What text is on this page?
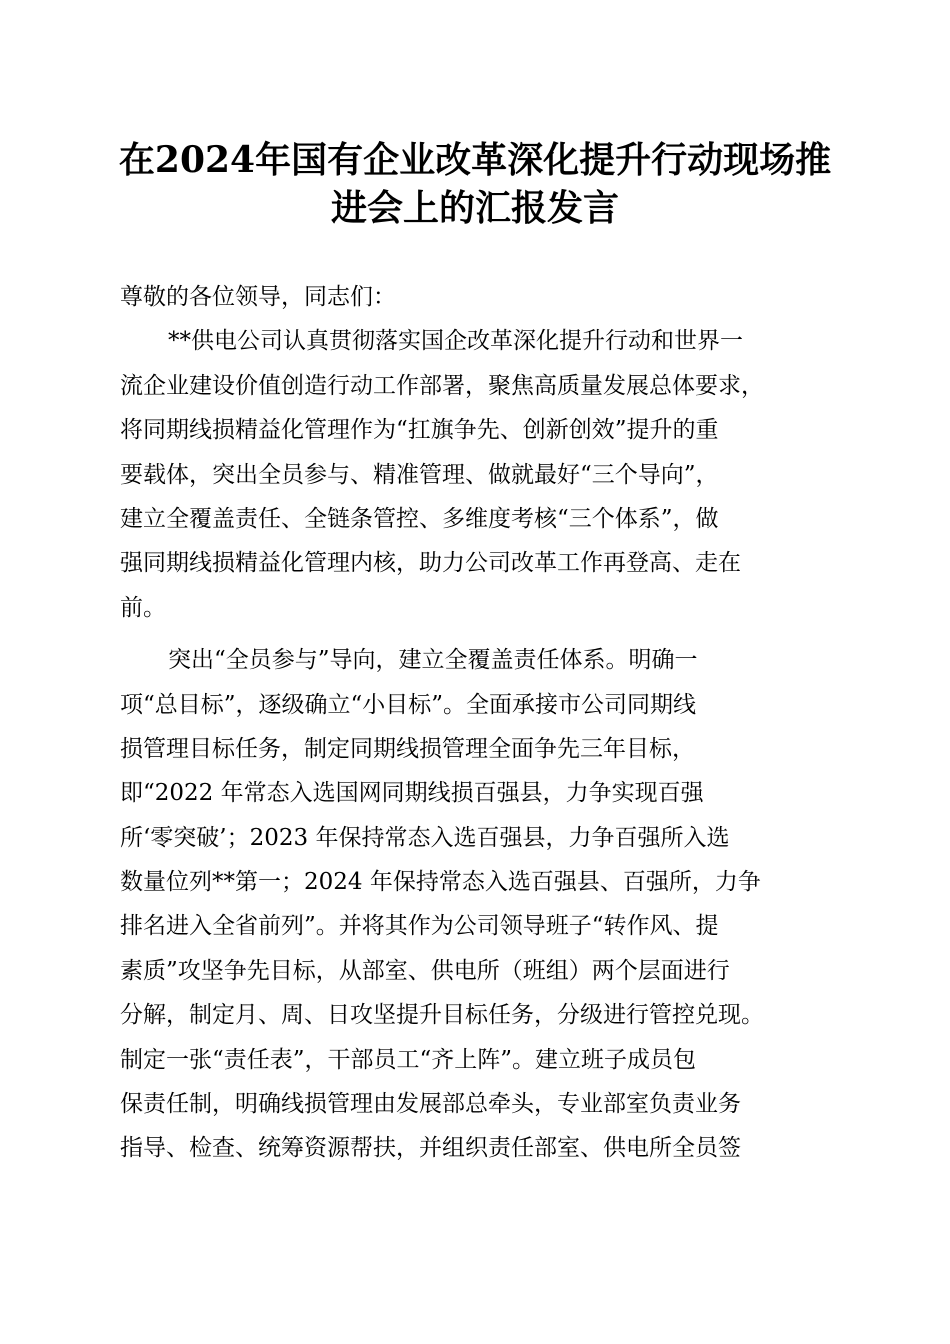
在2024年国有企业改革深化提升行动现场推
进会上的汇报发言
尊敬的各位领导，同志们：
**供电公司认真贯彻落实国企改革深化提升行动和世界一
流企业建设价值创造行动工作部署，聚焦高质量发展总体要求，
将同期线损精益化管理作为“扛旗争先、创新创效”提升的重
要载体，突出全员参与、精准管理、做就最好“三个导向”，
建立全覆盖责任、全链条管控、多维度考核“三个体系”，做
强同期线损精益化管理内核，助力公司改革工作再登高、走在
前。
突出“全员参与”导向，建立全覆盖责任体系。明确一
项“总目标”，逐级确立“小目标”。全面承接市公司同期线
损管理目标任务，制定同期线损管理全面争先三年目标，
即“2022 年常态入选国网同期线损百强县，力争实现百强
所‘零突破’；2023 年保持常态入选百强县，力争百强所入选
数量位列**第一；2024 年保持常态入选百强县、百强所，力争
排名进入全省前列”。并将其作为公司领导班子“转作风、提
素质”攻坚争先目标，从部室、供电所（班组）两个层面进行
分解，制定月、周、日攻坚提升目标任务，分级进行管控兑现。
制定一张“责任表”，干部员工“齐上阵”。建立班子成员包
保责任制，明确线损管理由发展部总牵头，专业部室负责业务
指导、检查、统筹资源帮扶，并组织责任部室、供电所全员签
